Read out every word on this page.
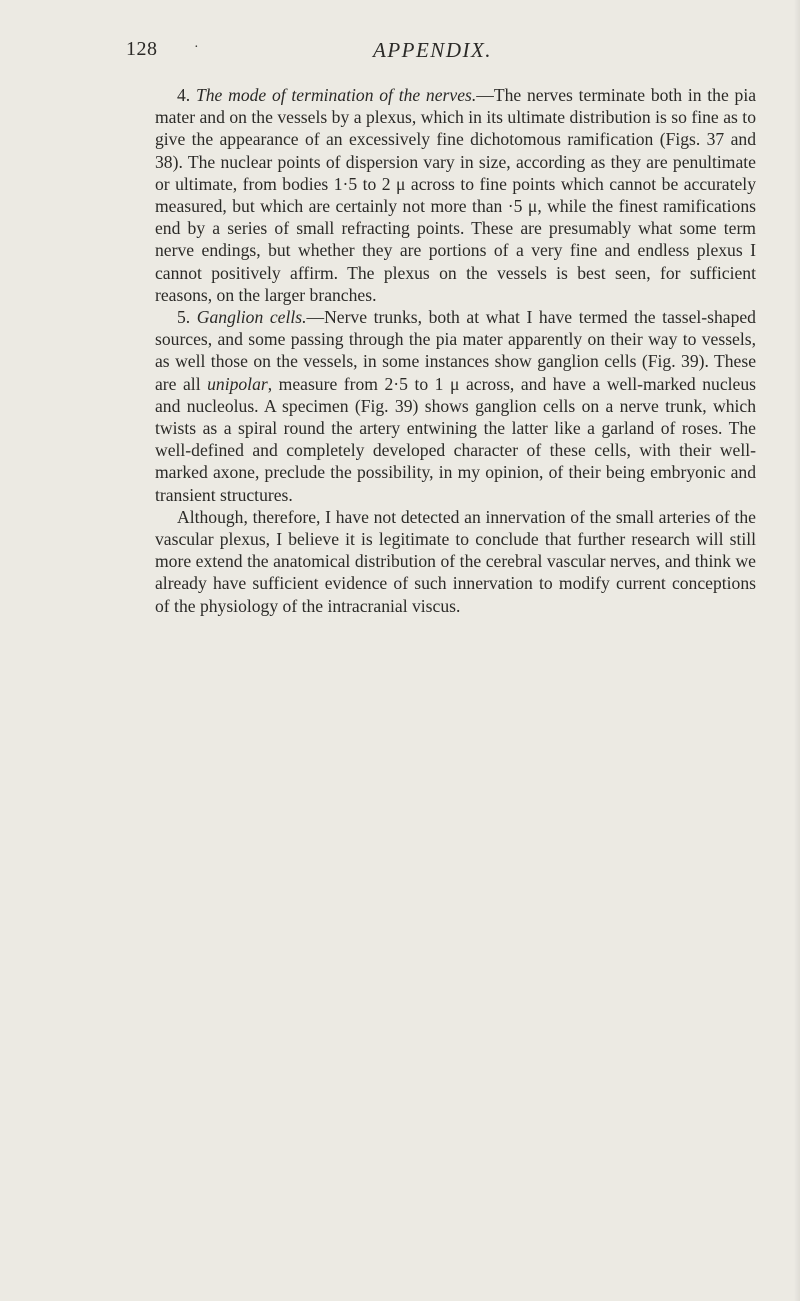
128	·	APPENDIX.

4. The mode of termination of the nerves.—The nerves terminate both in the pia mater and on the vessels by a plexus, which in its ultimate distribution is so fine as to give the appearance of an excessively fine dichotomous ramification (Figs. 37 and 38). The nuclear points of dispersion vary in size, according as they are penultimate or ultimate, from bodies 1·5 to 2 μ across to fine points which cannot be accurately measured, but which are certainly not more than ·5 μ, while the finest ramifications end by a series of small refracting points. These are presumably what some term nerve endings, but whether they are portions of a very fine and endless plexus I cannot positively affirm. The plexus on the vessels is best seen, for sufficient reasons, on the larger branches.

5. Ganglion cells.—Nerve trunks, both at what I have termed the tassel-shaped sources, and some passing through the pia mater apparently on their way to vessels, as well those on the vessels, in some instances show ganglion cells (Fig. 39). These are all unipolar, measure from 2·5 to 1 μ across, and have a well-marked nucleus and nucleolus. A specimen (Fig. 39) shows ganglion cells on a nerve trunk, which twists as a spiral round the artery entwining the latter like a garland of roses. The well-defined and completely developed character of these cells, with their well-marked axone, preclude the possibility, in my opinion, of their being embryonic and transient structures.

Although, therefore, I have not detected an innervation of the small arteries of the vascular plexus, I believe it is legitimate to conclude that further research will still more extend the anatomical distribution of the cerebral vascular nerves, and think we already have sufficient evidence of such innervation to modify current conceptions of the physiology of the intracranial viscus.
